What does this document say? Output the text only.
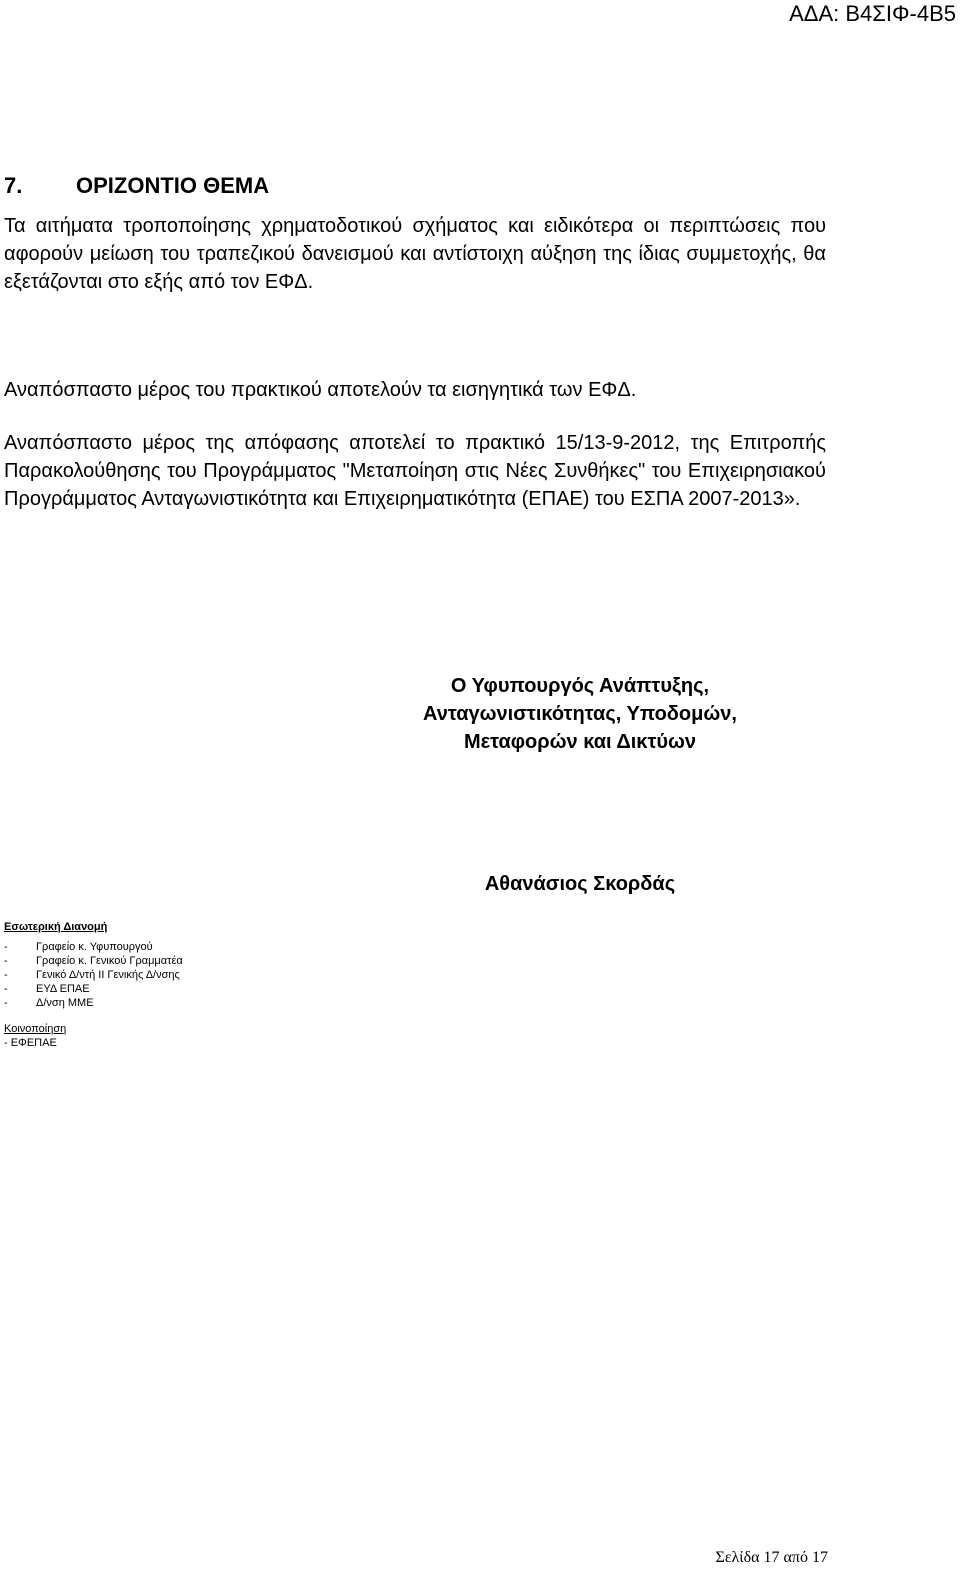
ΑΔΑ: Β4ΣΙΦ-4Β5
7. ΟΡΙΖΟΝΤΙΟ ΘΕΜΑ

Τα αιτήματα τροποποίησης χρηματοδοτικού σχήματος και ειδικότερα οι περιπτώσεις που αφορούν μείωση του τραπεζικού δανεισμού και αντίστοιχη αύξηση της ίδιας συμμετοχής, θα εξετάζονται στο εξής από τον ΕΦΔ.

Αναπόσπαστο μέρος του πρακτικού αποτελούν τα εισηγητικά των ΕΦΔ.

Αναπόσπαστο μέρος της απόφασης αποτελεί το πρακτικό 15/13-9-2012, της Επιτροπής Παρακολούθησης του Προγράμματος "Μεταποίηση στις Νέες Συνθήκες" του Επιχειρησιακού Προγράμματος Ανταγωνιστικότητα και Επιχειρηματικότητα (ΕΠΑΕ) του ΕΣΠΑ 2007-2013».

Ο Υφυπουργός Ανάπτυξης,
Ανταγωνιστικότητας, Υποδομών,
Μεταφορών και Δικτύων
Αθανάσιος Σκορδάς
Εσωτερική Διανομή
-	Γραφείο κ. Υφυπουργού
-	Γραφείο κ. Γενικού Γραμματέα
-	Γενικό Δ/ντή ΙΙ Γενικής Δ/νσης
-	ΕΥΔ ΕΠΑΕ
-	Δ/νση ΜΜΕ
Κοινοποίηση
- ΕΦΕΠΑΕ
Σελίδα 17 από 17
